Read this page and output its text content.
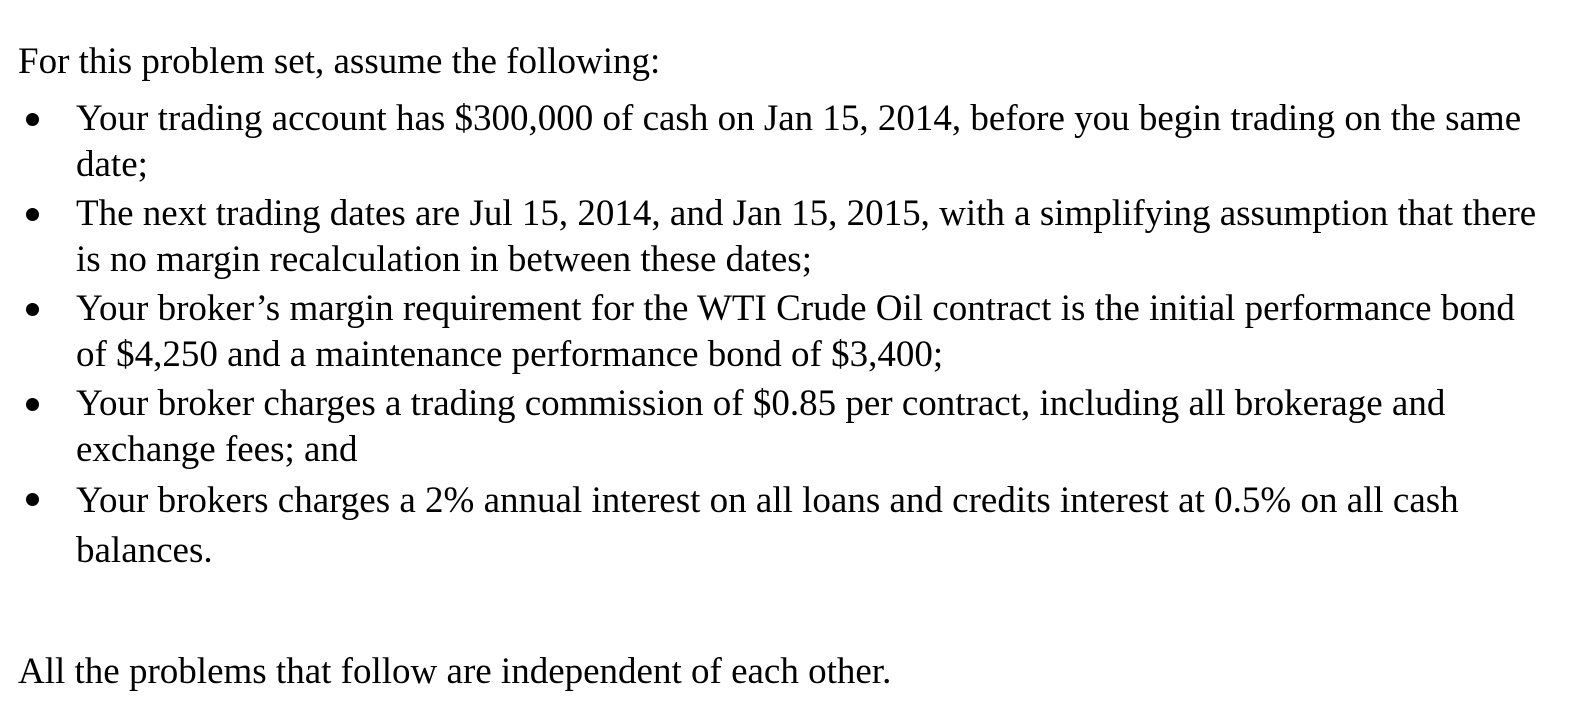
For this problem set, assume the following:

Your trading account has $300,000 of cash on Jan 15, 2014, before you begin trading on the same date;
The next trading dates are Jul 15, 2014, and Jan 15, 2015, with a simplifying assumption that there is no margin recalculation in between these dates;
Your broker’s margin requirement for the WTI Crude Oil contract is the initial performance bond of $4,250 and a maintenance performance bond of $3,400;
Your broker charges a trading commission of $0.85 per contract, including all brokerage and exchange fees; and
Your brokers charges a 2% annual interest on all loans and credits interest at 0.5% on all cash balances.

All the problems that follow are independent of each other.
